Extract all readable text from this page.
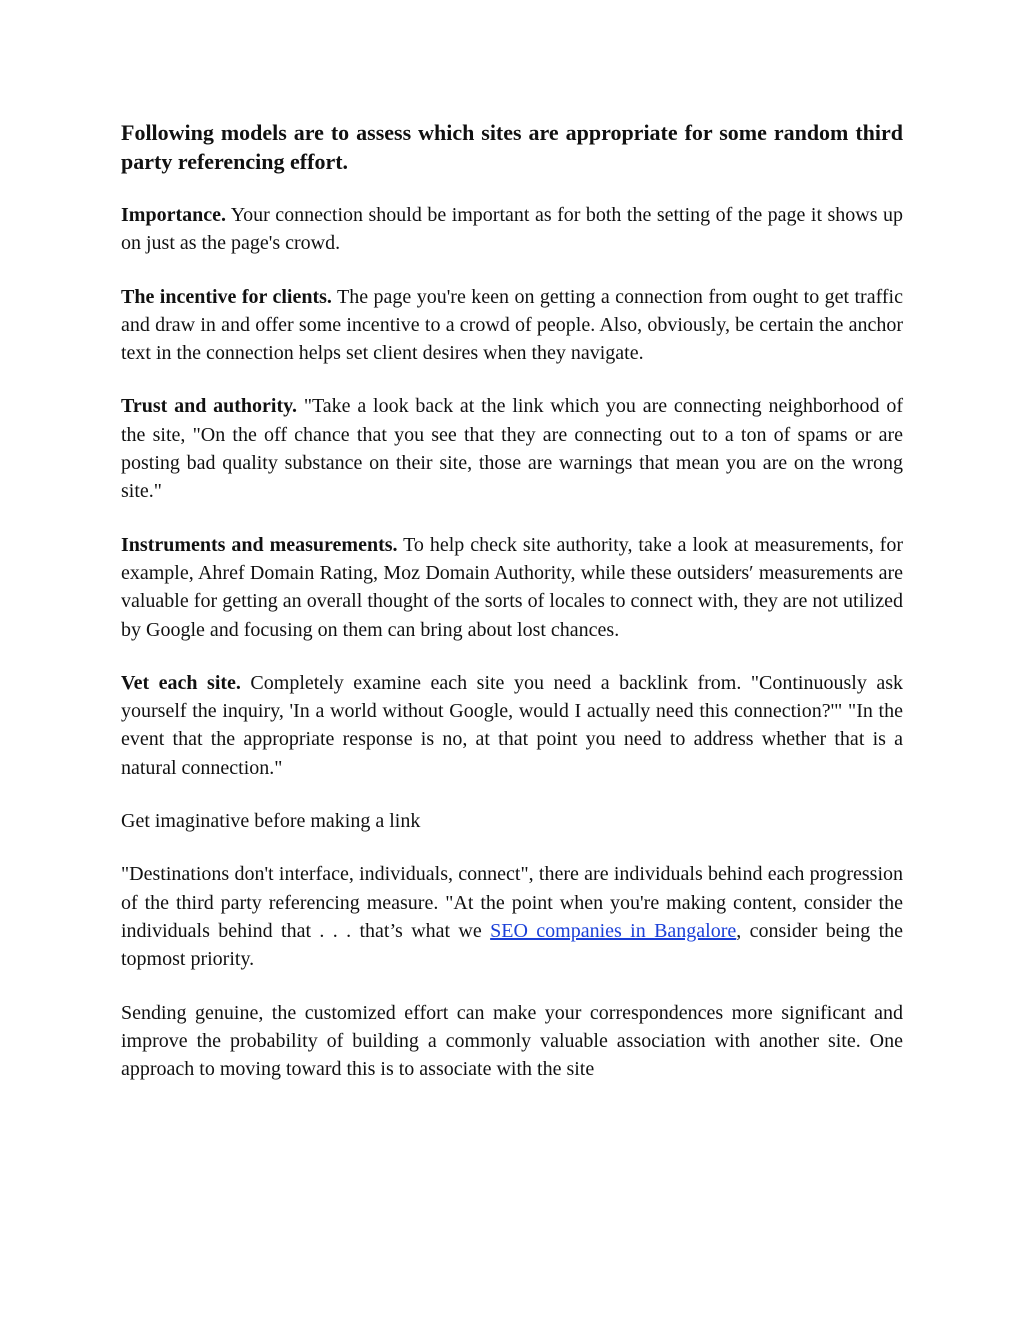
Following models are to assess which sites are appropriate for some random third party referencing effort.

Importance. Your connection should be important as for both the setting of the page it shows up on just as the page's crowd.

The incentive for clients. The page you're keen on getting a connection from ought to get traffic and draw in and offer some incentive to a crowd of people. Also, obviously, be certain the anchor text in the connection helps set client desires when they navigate.

Trust and authority. "Take a look back at the link which you are connecting neighborhood of the site, "On the off chance that you see that they are connecting out to a ton of spams or are posting bad quality substance on their site, those are warnings that mean you are on the wrong site."

Instruments and measurements. To help check site authority, take a look at measurements, for example, Ahref Domain Rating, Moz Domain Authority, while these outsiders′ measurements are valuable for getting an overall thought of the sorts of locales to connect with, they are not utilized by Google and focusing on them can bring about lost chances.

Vet each site. Completely examine each site you need a backlink from. "Continuously ask yourself the inquiry, 'In a world without Google, would I actually need this connection?'" "In the event that the appropriate response is no, at that point you need to address whether that is a natural connection."

Get imaginative before making a link

"Destinations don't interface, individuals, connect", there are individuals behind each progression of the third party referencing measure. "At the point when you're making content, consider the individuals behind that . . . that’s what we SEO companies in Bangalore, consider being the topmost priority.

Sending genuine, the customized effort can make your correspondences more significant and improve the probability of building a commonly valuable association with another site. One approach to moving toward this is to associate with the site
